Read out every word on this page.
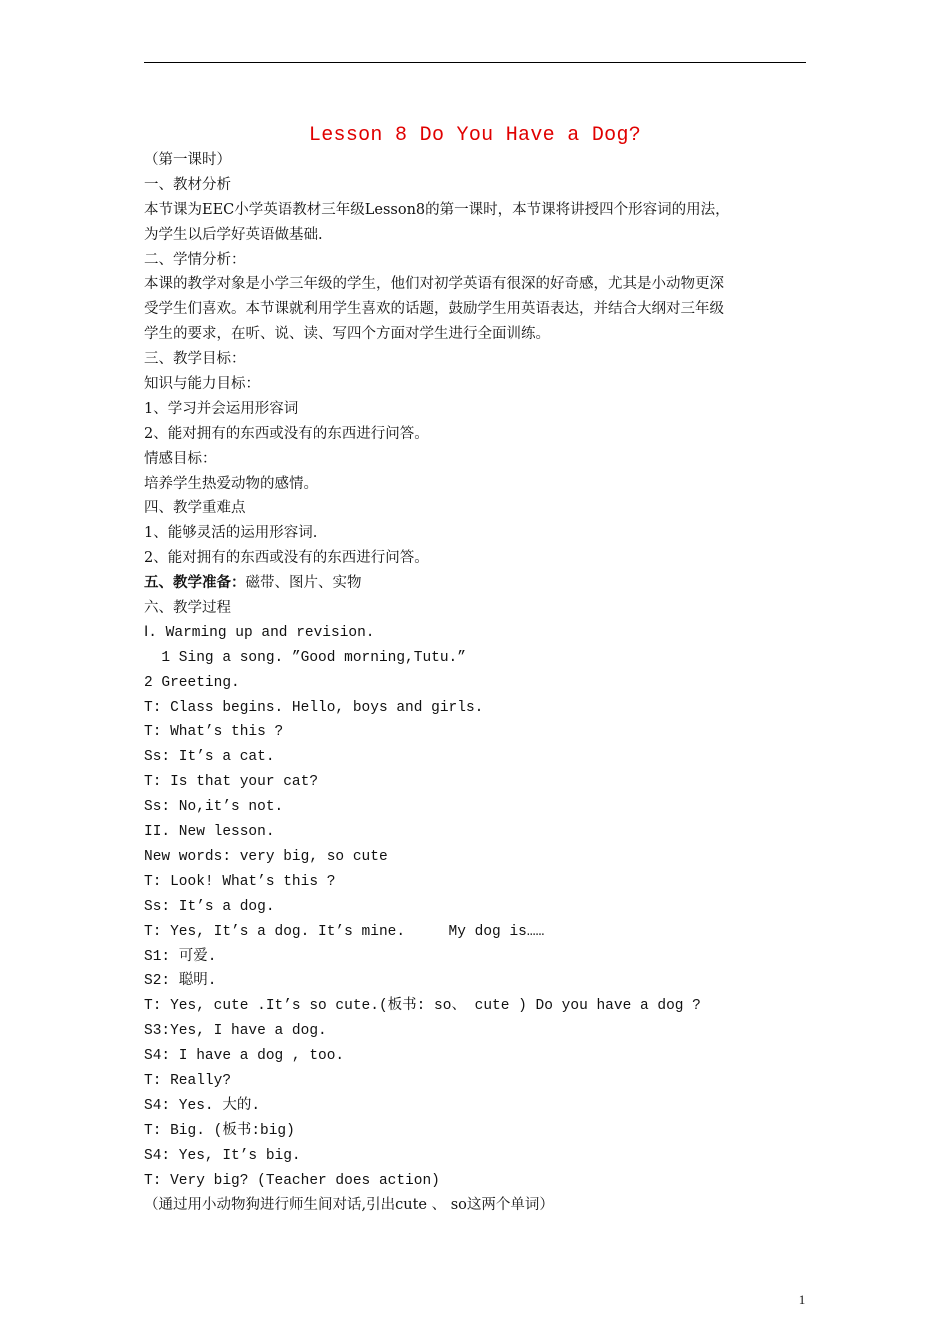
Lesson 8 Do You Have a Dog?
（第一课时）
一、教材分析
本节课为EEC小学英语教材三年级Lesson8的第一课时，本节课将讲授四个形容词的用法，
为学生以后学好英语做基础.
二、学情分析：
本课的教学对象是小学三年级的学生，他们对初学英语有很深的好奇感，尤其是小动物更深
受学生们喜欢。本节课就利用学生喜欢的话题，鼓励学生用英语表达，并结合大纲对三年级
学生的要求，在听、说、读、写四个方面对学生进行全面训练。
三、教学目标：
知识与能力目标：
1、学习并会运用形容词
2、能对拥有的东西或没有的东西进行问答。
情感目标：
培养学生热爱动物的感情。
四、教学重难点
1、能够灵活的运用形容词.
2、能对拥有的东西或没有的东西进行问答。
五、教学准备：磁带、图片、实物
六、教学过程
Ⅰ. Warming up and revision.
1 Sing a song. ”Good morning,Tutu.”
2 Greeting.
T: Class begins. Hello, boys and girls.
T: What’s this ?
Ss: It’s a cat.
T: Is that your cat?
Ss: No,it’s not.
II. New lesson.
New words: very big, so cute
T: Look! What’s this ?
Ss: It’s a dog.
T: Yes, It’s a dog. It’s mine.     My dog is……
S1: 可爱.
S2: 聪明.
T: Yes, cute .It’s so cute.(板书: so、 cute ) Do you have a dog ?
S3:Yes, I have a dog.
S4: I have a dog , too.
T: Really?
S4: Yes. 大的.
T: Big. (板书:big)
S4: Yes, It’s big.
T: Very big? (Teacher does action)
（通过用小动物狗进行师生间对话,引出cute 、 so这两个单词）
1
